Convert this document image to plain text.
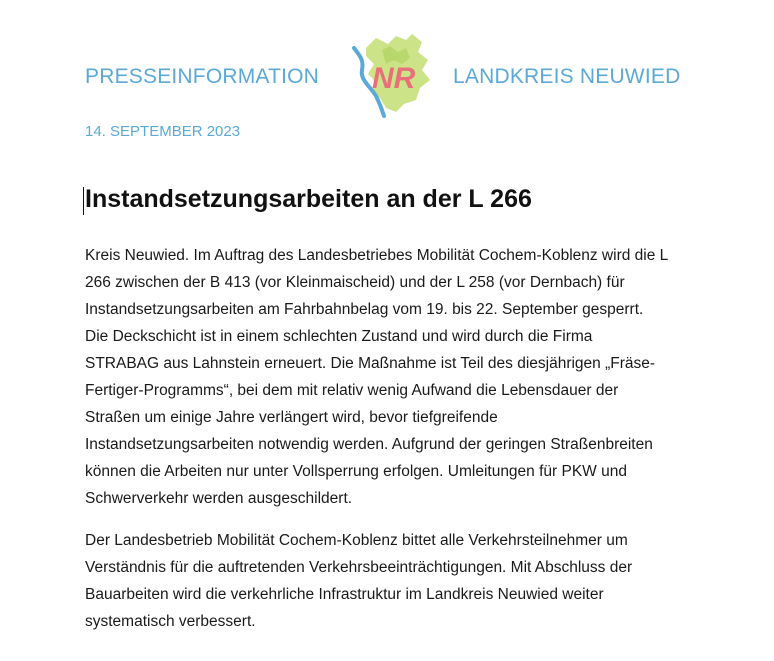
PRESSEINFORMATION NR LANDKREIS NEUWIED
14. SEPTEMBER 2023
Instandsetzungsarbeiten an der L 266
Kreis Neuwied. Im Auftrag des Landesbetriebes Mobilität Cochem-Koblenz wird die L
266 zwischen der B 413 (vor Kleinmaischeid) und der L 258 (vor Dernbach) für
Instandsetzungsarbeiten am Fahrbahnbelag vom 19. bis 22. September gesperrt.
Die Deckschicht ist in einem schlechten Zustand und wird durch die Firma
STRABAG aus Lahnstein erneuert. Die Maßnahme ist Teil des diesjährigen „Fräse-
Fertiger-Programms“, bei dem mit relativ wenig Aufwand die Lebensdauer der
Straßen um einige Jahre verlängert wird, bevor tiefgreifende
Instandsetzungsarbeiten notwendig werden. Aufgrund der geringen Straßenbreiten
können die Arbeiten nur unter Vollsperrung erfolgen. Umleitungen für PKW und
Schwerverkehr werden ausgeschildert.
Der Landesbetrieb Mobilität Cochem-Koblenz bittet alle Verkehrsteilnehmer um
Verständnis für die auftretenden Verkehrsbeeinträchtigungen. Mit Abschluss der
Bauarbeiten wird die verkehrliche Infrastruktur im Landkreis Neuwied weiter
systematisch verbessert.
